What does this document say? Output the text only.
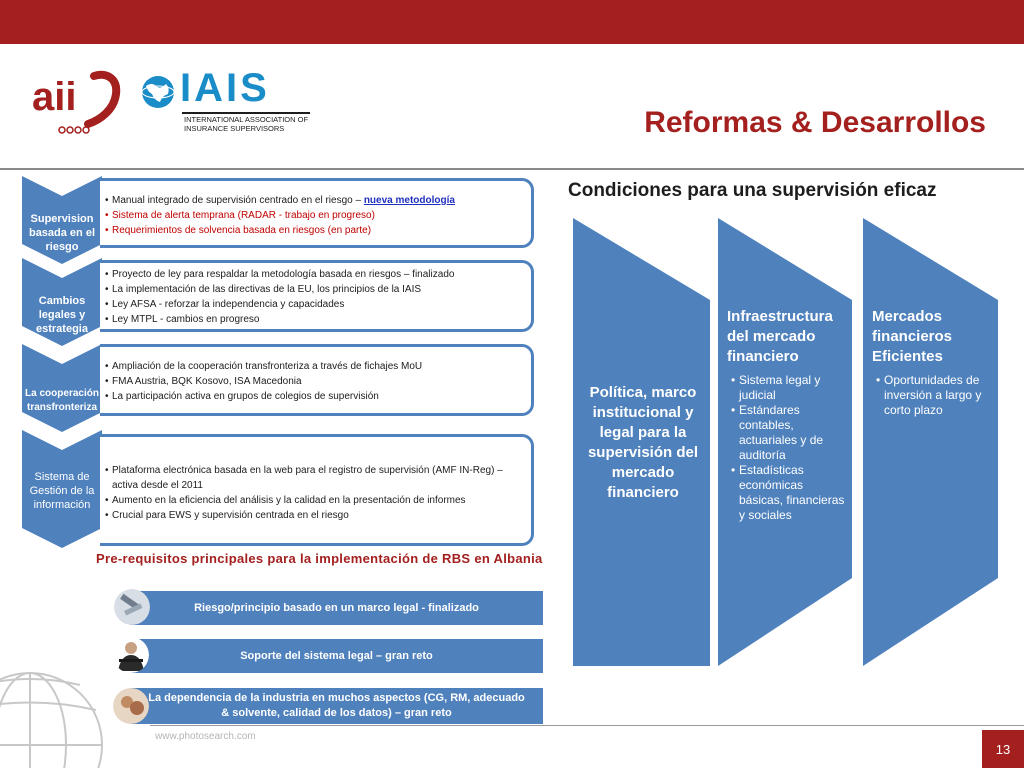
aii	IAIS
INTERNATIONAL ASSOCIATION OF INSURANCE SUPERVISORS	Reformas & Desarrollos
Supervision basada en el riesgo
Cambios legales y estrategia
La cooperación transfronteriza
Sistema de Gestión de la información
• Manual integrado de supervisión centrado en el riesgo – nueva metodología
• Sistema de alerta temprana (RADAR - trabajo en progreso)
• Requerimientos de solvencia basada en riesgos (en parte)
• Proyecto de ley para respaldar la metodología basada en riesgos – finalizado
• La implementación de las directivas de la EU, los principios de la IAIS
• Ley AFSA - reforzar la independencia y capacidades
• Ley MTPL - cambios en progreso
• Ampliación de la cooperación transfronteriza a través de fichajes MoU
• FMA Austria, BQK Kosovo, ISA Macedonia
• La participación activa en grupos de colegios de supervisión
• Plataforma electrónica basada en la web para el registro de supervisión (AMF IN-Reg) – activa desde el 2011
• Aumento en la eficiencia del análisis y la calidad en la presentación de informes
• Crucial para EWS y supervisión centrada en el riesgo
Pre-requisitos principales para la implementación de RBS en Albania
Riesgo/principio basado en un marco legal - finalizado
Soporte del sistema legal – gran reto
La dependencia de la industria en muchos aspectos (CG, RM, adecuado & solvente, calidad de los datos) – gran reto
Condiciones para una supervisión eficaz
Política, marco institucional y legal para la supervisión del mercado financiero
Infraestructura del mercado financiero
• Sistema legal y judicial
• Estándares contables, actuariales y de auditoría
• Estadísticas económicas básicas, financieras y sociales
Mercados financieros Eficientes
• Oportunidades de inversión a largo y corto plazo
www.photosearch.com
13
